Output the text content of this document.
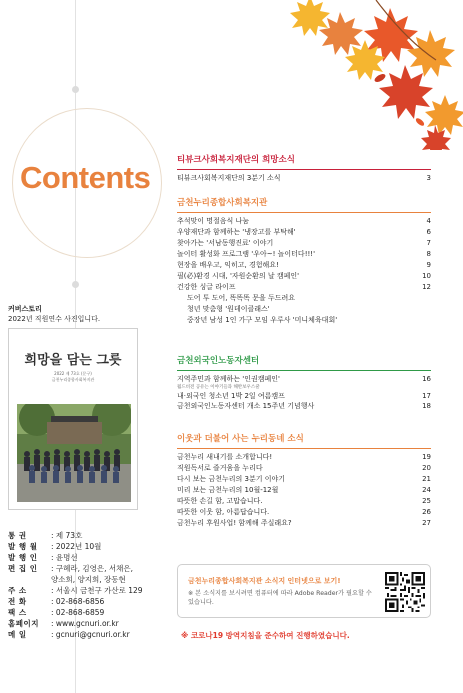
Contents
커버스토리
2022년 직원연수 사진입니다.
희망을 담는 그릇
2022 제 73호 (문구)
금천누리종합사회복지관
통 권	: 제 73호
발 행 월	: 2022년 10월
발 행 인	: 윤명선
편 집 인	: 구혜라, 김영은, 서채은,
양소희, 양지희, 장동현
주 소	: 서울시 금천구 가산로 129
전 화	: 02-868-6856
팩 스	: 02-868-6859
홈페이지	: www.gcnuri.or.kr
메 일	: gcnuri@gcnuri.or.kr
티뷰크사회복지재단의 희망소식
티뷰크사회복지재단의 3분기 소식	3
금천누리종합사회복지관
추석맞이 명절음식 나눔	4
우양재단과 함께하는 '냉장고를 부탁해'	6
찾아가는 '서남동행진료' 이야기	7
놀이터 활성화 프로그램 '우아~! 놀이터다!!!'	8
현장을 배우고, 익히고, 경험해요!	9
필(必)환경 시대, '자원순환의 날 캠페인'	10
건강한 싱글 라이프	12
도어 투 도어, 똑똑똑 문을 두드려요
청년 맞춤형 '원데이클래스'
중장년 남성 1인 가구 모임 우루사 '미니체육대회'
금천외국인노동자센터
지역주민과 함께하는 '인권캠페인'	16
월드비전 공유는 이야기들과 해반보우스쿨
내·외국인 청소년 1박 2일 여름캠프	17
금천외국인노동자센터 개소 15주년 기념행사	18
이웃과 더불어 사는 누리동네 소식
금천누리 새내기를 소개합니다!	19
직원독서로 즐거움을 누리다	20
다시 보는 금천누리의 3분기 이야기	21
미리 보는 금천누리의 10월-12월	24
따뜻한 손길 함, 고맙습니다.	25
따뜻한 이웃 함, 아름답습니다.	26
금천누리 후원사업! 함께해 주실래요?	27
금천누리종합사회복지관 소식지 인터넷으로 보기!
※ 본 소식지를 보시려면 컴퓨터에 따라 Adobe Reader가 필요할 수 있습니다.
※ 코로나19 방역지침을 준수하여 진행하였습니다.
